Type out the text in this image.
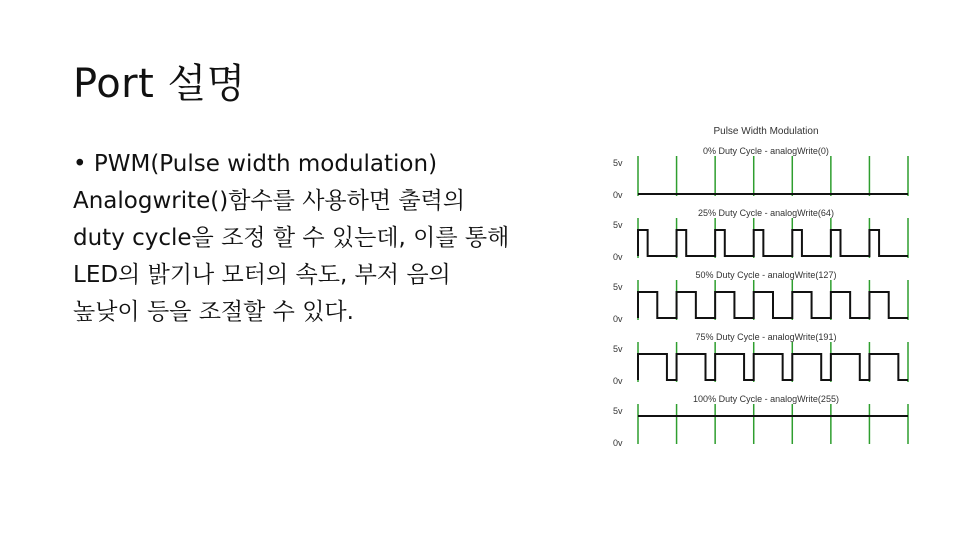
Port 설명
• PWM(Pulse width modulation)
Analogwrite()함수를 사용하면 출력의
duty cycle을 조정 할 수 있는데, 이를 통해
LED의 밝기나 모터의 속도, 부저 음의
높낮이 등을 조절할 수 있다.
Pulse Width Modulation
0% Duty Cycle - analogWrite(0)
5v
0v
25% Duty Cycle - analogWrite(64)
5v
0v
50% Duty Cycle - analogWrite(127)
5v
0v
75% Duty Cycle - analogWrite(191)
5v
0v
100% Duty Cycle - analogWrite(255)
5v
0v
